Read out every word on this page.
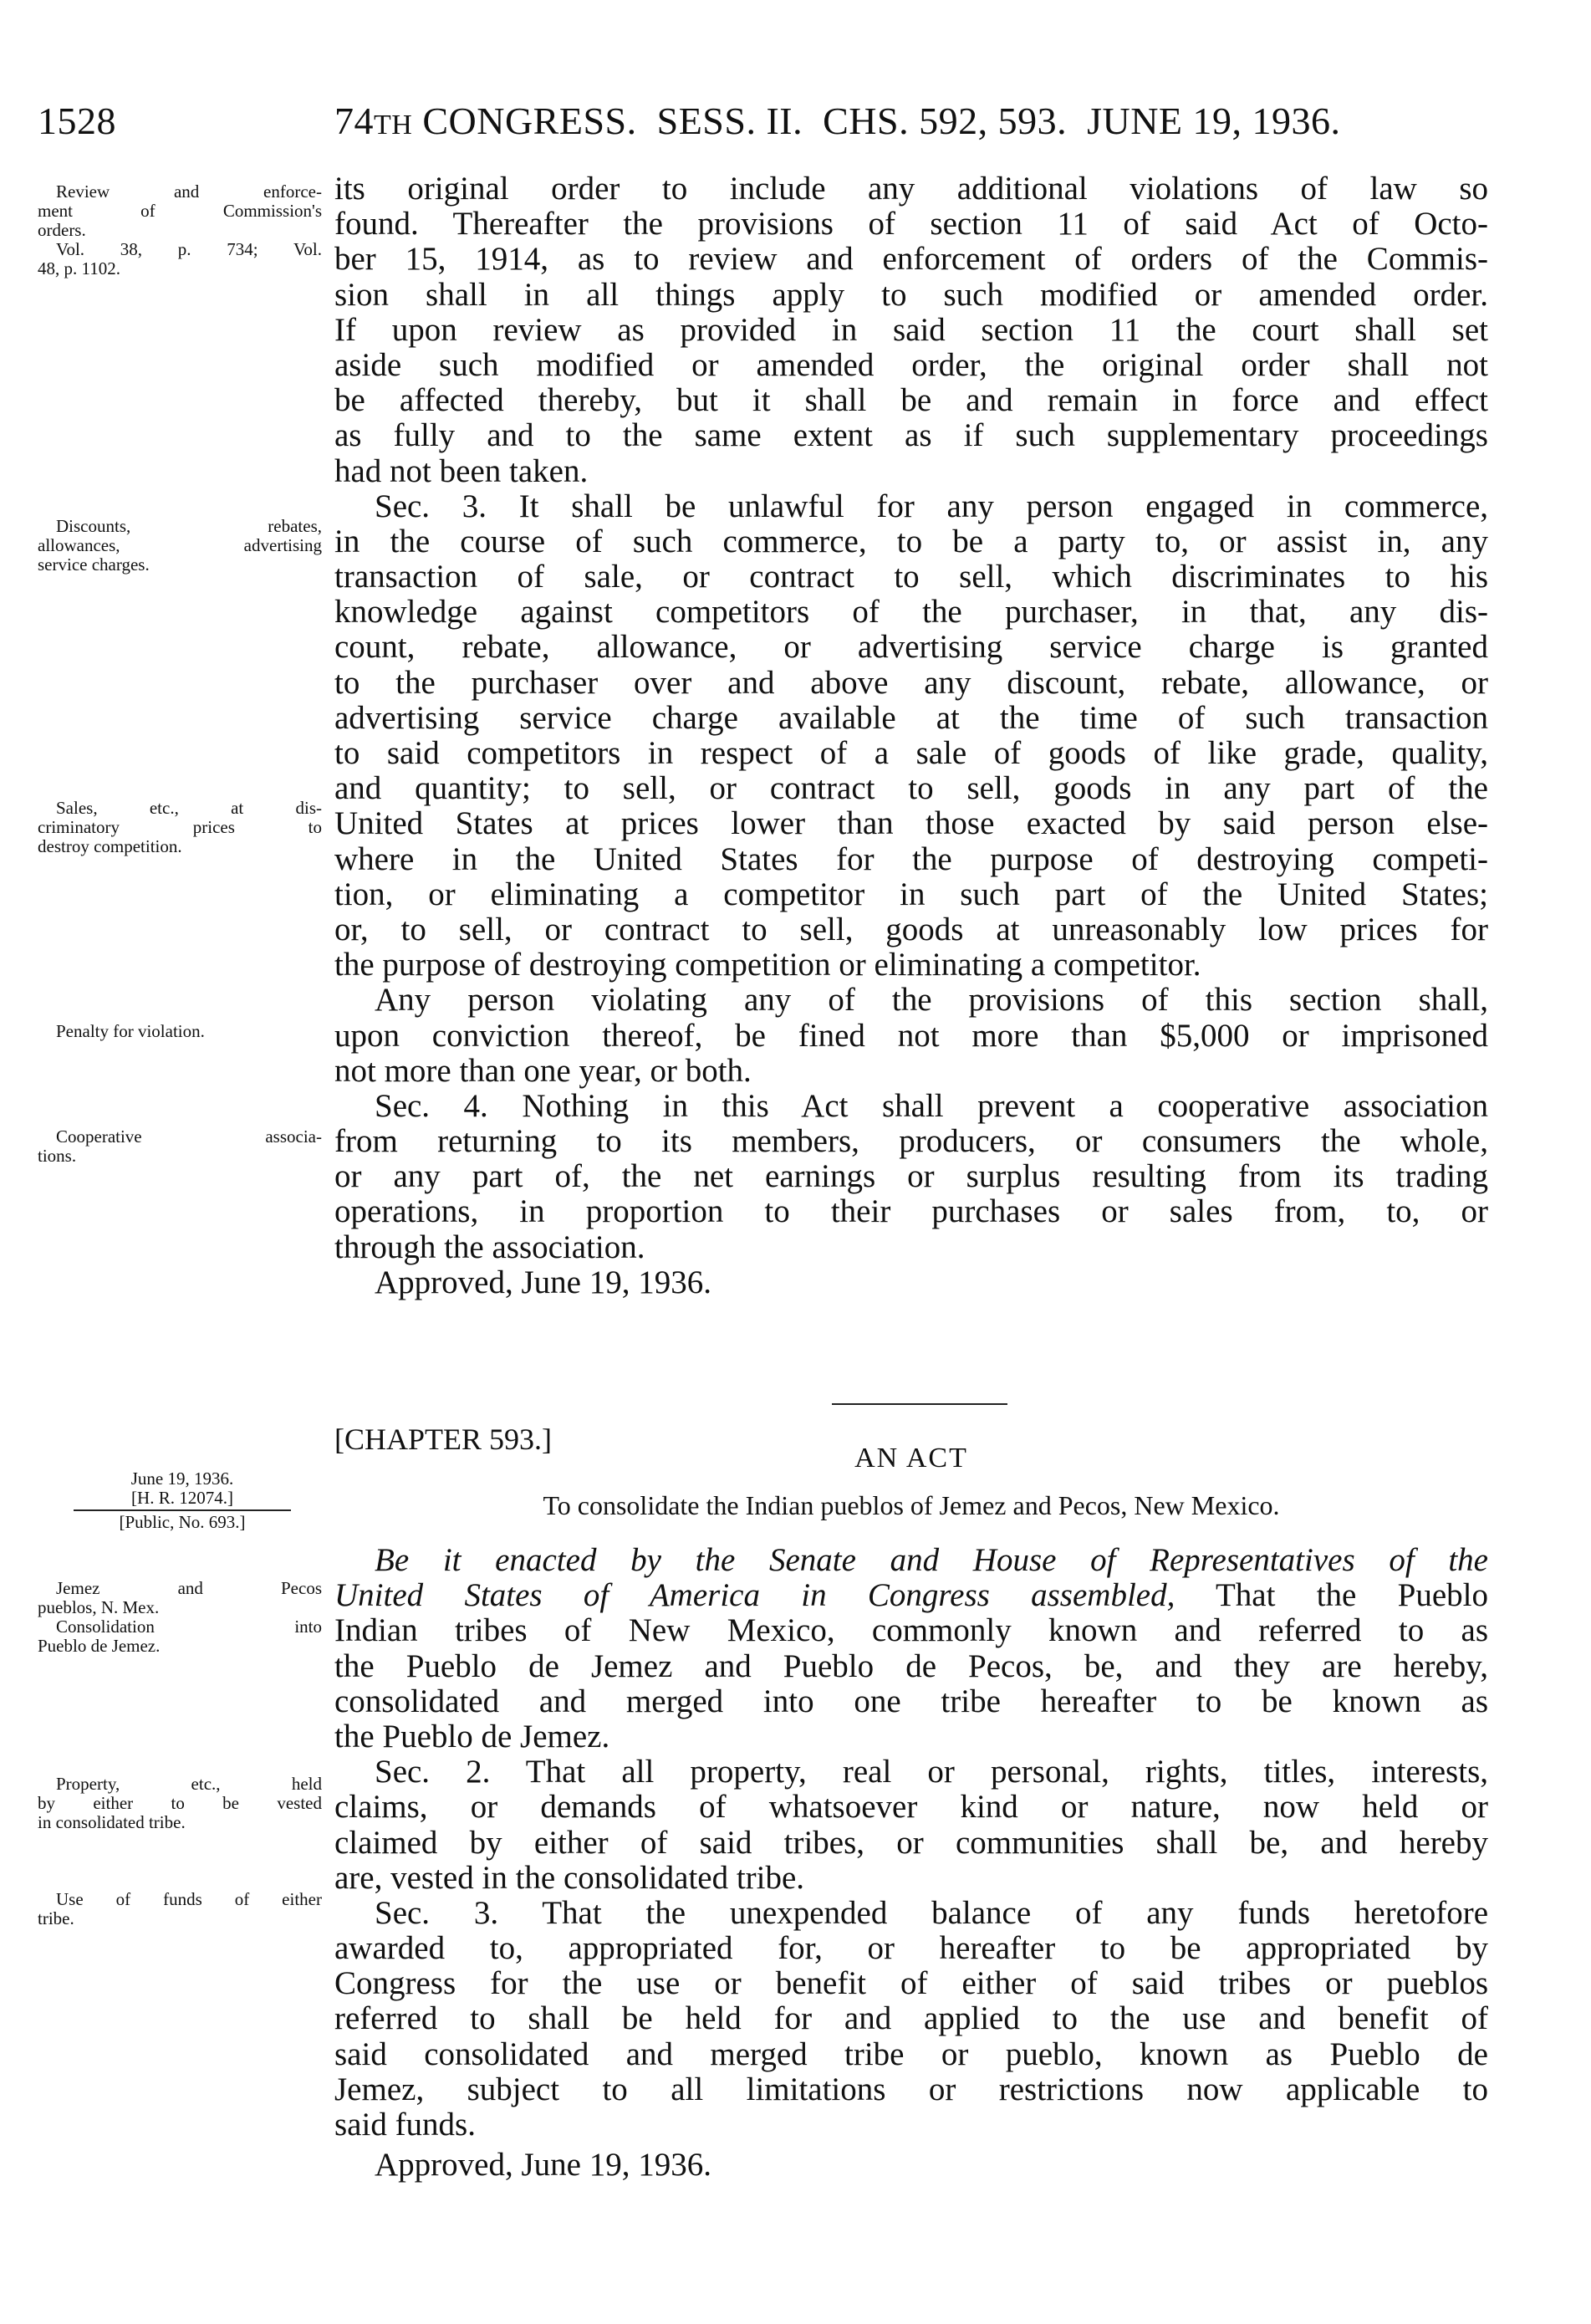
1528	74TH CONGRESS.  SESS. II.  CHS. 592, 593.  JUNE 19, 1936.
Review and enforce-
ment of Commission's
orders.
Vol. 38, p. 734; Vol.
48, p. 1102.
Discounts, rebates,
allowances, advertising
service charges.
Sales, etc., at dis-
criminatory prices to
destroy competition.
Penalty for violation.
Cooperative associa-
tions.
June 19, 1936.
[H. R. 12074.]
[Public, No. 693.]
Jemez and Pecos
pueblos, N. Mex.
Consolidation into
Pueblo de Jemez.
Property, etc., held
by either to be vested
in consolidated tribe.
Use of funds of either
tribe.
its original order to include any additional violations of law so
found. Thereafter the provisions of section 11 of said Act of Octo-
ber 15, 1914, as to review and enforcement of orders of the Commis-
sion shall in all things apply to such modified or amended order.
If upon review as provided in said section 11 the court shall set
aside such modified or amended order, the original order shall not
be affected thereby, but it shall be and remain in force and effect
as fully and to the same extent as if such supplementary proceedings
had not been taken.
Sec. 3. It shall be unlawful for any person engaged in commerce,
in the course of such commerce, to be a party to, or assist in, any
transaction of sale, or contract to sell, which discriminates to his
knowledge against competitors of the purchaser, in that, any dis-
count, rebate, allowance, or advertising service charge is granted
to the purchaser over and above any discount, rebate, allowance, or
advertising service charge available at the time of such transaction
to said competitors in respect of a sale of goods of like grade, quality,
and quantity; to sell, or contract to sell, goods in any part of the
United States at prices lower than those exacted by said person else-
where in the United States for the purpose of destroying competi-
tion, or eliminating a competitor in such part of the United States;
or, to sell, or contract to sell, goods at unreasonably low prices for
the purpose of destroying competition or eliminating a competitor.
Any person violating any of the provisions of this section shall,
upon conviction thereof, be fined not more than $5,000 or imprisoned
not more than one year, or both.
Sec. 4. Nothing in this Act shall prevent a cooperative association
from returning to its members, producers, or consumers the whole,
or any part of, the net earnings or surplus resulting from its trading
operations, in proportion to their purchases or sales from, to, or
through the association.
Approved, June 19, 1936.
[CHAPTER 593.]
AN ACT
To consolidate the Indian pueblos of Jemez and Pecos, New Mexico.
Be it enacted by the Senate and House of Representatives of the
United States of America in Congress assembled, That the Pueblo
Indian tribes of New Mexico, commonly known and referred to as
the Pueblo de Jemez and Pueblo de Pecos, be, and they are hereby,
consolidated and merged into one tribe hereafter to be known as
the Pueblo de Jemez.
Sec. 2. That all property, real or personal, rights, titles, interests,
claims, or demands of whatsoever kind or nature, now held or
claimed by either of said tribes, or communities shall be, and hereby
are, vested in the consolidated tribe.
Sec. 3. That the unexpended balance of any funds heretofore
awarded to, appropriated for, or hereafter to be appropriated by
Congress for the use or benefit of either of said tribes or pueblos
referred to shall be held for and applied to the use and benefit of
said consolidated and merged tribe or pueblo, known as Pueblo de
Jemez, subject to all limitations or restrictions now applicable to
said funds.
Approved, June 19, 1936.
